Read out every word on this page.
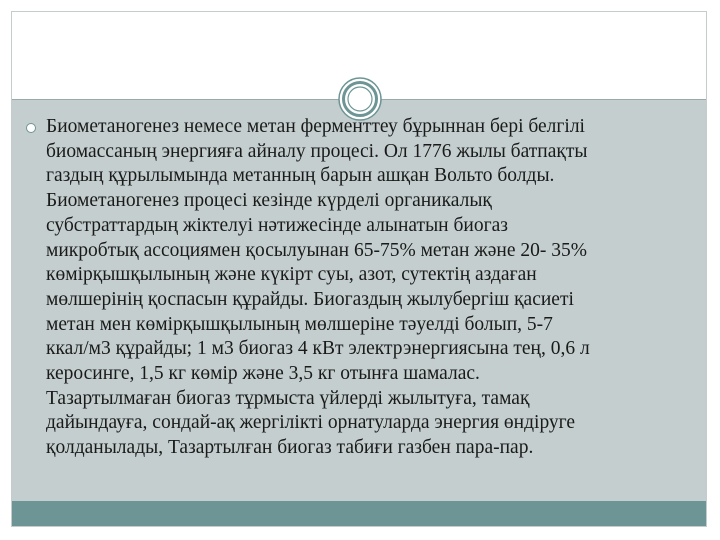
Биометаногенез немесе метан ферменттеу бұрыннан бері белгілі
биомассаның энергияға айналу процесі. Ол 1776 жылы батпақты
газдың құрылымында метанның барын ашқан Вольто болды.
Биометаногенез процесі кезінде күрделі органикалық
субстраттардың жіктелуі нәтижесінде алынатын биогаз
микробтық ассоциямен қосылуынан 65-75% метан және 20- 35%
көмірқышқылының және күкірт суы, азот, сутектің аздаған
мөлшерінің қоспасын құрайды. Биогаздың жылубергіш қасиеті
метан мен көмірқышқылының мөлшеріне тәуелді болып, 5-7
ккал/м3 құрайды; 1 м3 биогаз 4 кВт электрэнергиясына тең, 0,6 л
керосинге, 1,5 кг көмір және 3,5 кг отынға шамалас.
Тазартылмаған биогаз тұрмыста үйлерді жылытуға, тамақ
дайындауға, сондай-ақ жергілікті орнатуларда энергия өндіруге
қолданылады, Тазартылған биогаз табиғи газбен пара-пар.
